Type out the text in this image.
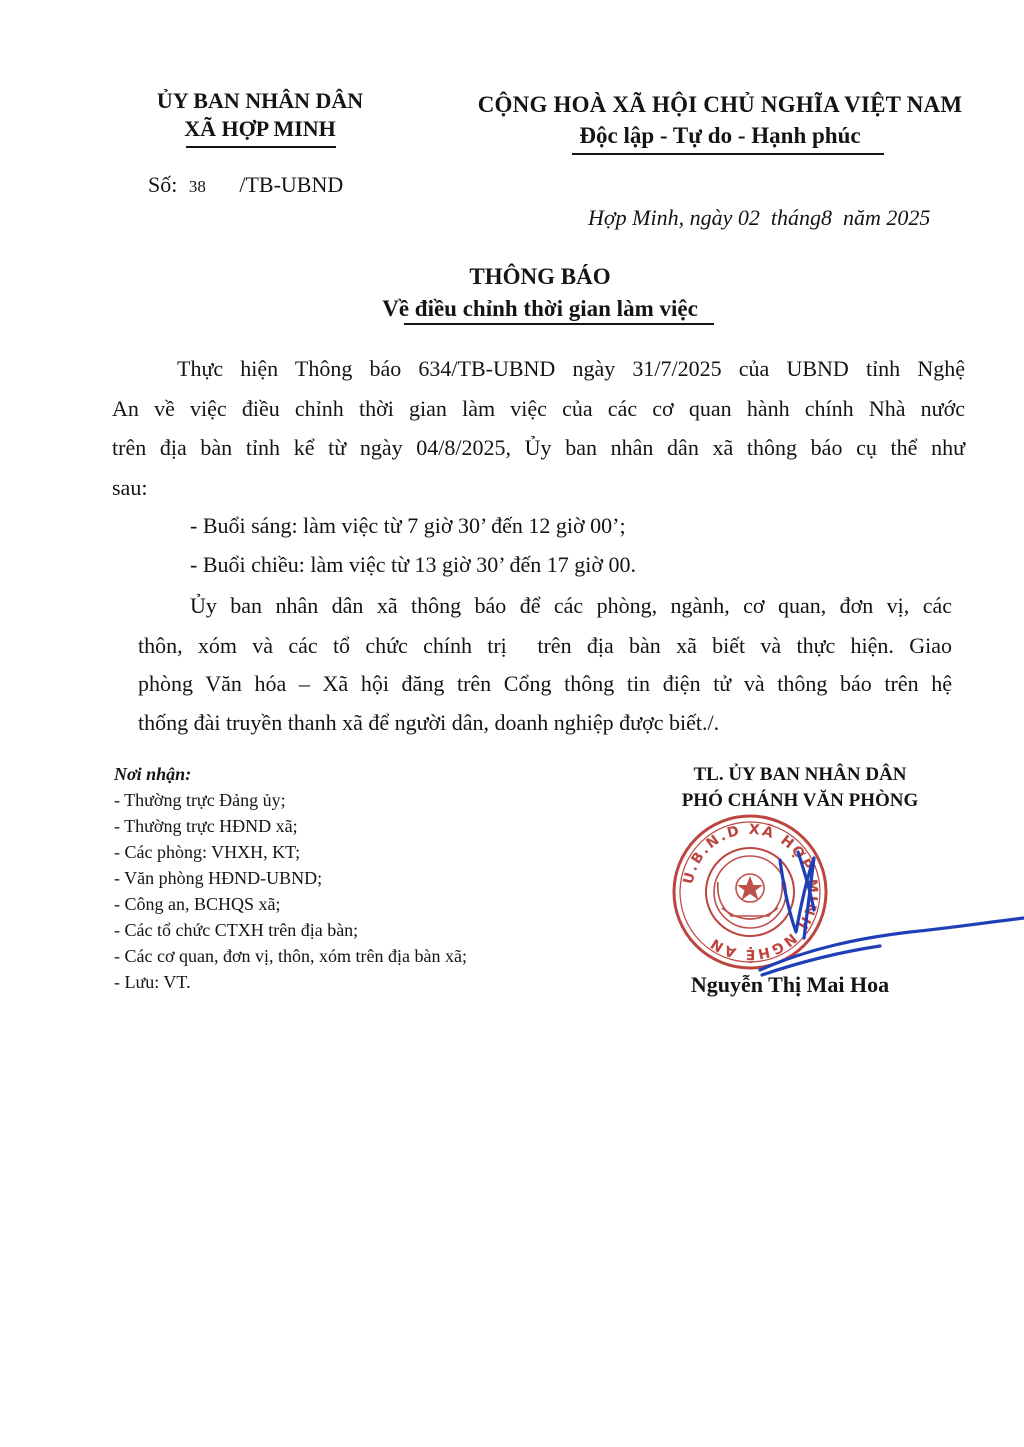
ỦY BAN NHÂN DÂN
XÃ HỢP MINH
CỘNG HOÀ XÃ HỘI CHỦ NGHĨA VIỆT NAM
Độc lập - Tự do - Hạnh phúc
Số: 38 /TB-UBND
Hợp Minh, ngày 02  tháng8  năm 2025
THÔNG BÁO
Về điều chỉnh thời gian làm việc
Thực hiện Thông báo 634/TB-UBND ngày 31/7/2025 của UBND tỉnh Nghệ
An về việc điều chỉnh thời gian làm việc của các cơ quan hành chính Nhà nước
trên địa bàn tỉnh kể từ ngày 04/8/2025, Ủy ban nhân dân xã thông báo cụ thể như
sau:
- Buổi sáng: làm việc từ 7 giờ 30’ đến 12 giờ 00’;
- Buổi chiều: làm việc từ 13 giờ 30’ đến 17 giờ 00.
Ủy ban nhân dân xã thông báo để các phòng, ngành, cơ quan, đơn vị, các
thôn, xóm và các tổ chức chính trị  trên địa bàn xã biết và thực hiện. Giao
phòng Văn hóa – Xã hội đăng trên Cổng thông tin điện tử và thông báo trên hệ
thống đài truyền thanh xã để người dân, doanh nghiệp được biết./.
Nơi nhận:
- Thường trực Đảng ủy;
- Thường trực HĐND xã;
- Các phòng: VHXH, KT;
- Văn phòng HĐND-UBND;
- Công an, BCHQS xã;
- Các tổ chức CTXH trên địa bàn;
- Các cơ quan, đơn vị, thôn, xóm trên địa bàn xã;
- Lưu: VT.
TL. ỦY BAN NHÂN DÂN
PHÓ CHÁNH VĂN PHÒNG
U.B.N.D XÃ HỢP MINH NGHỆ AN
Nguyễn Thị Mai Hoa
